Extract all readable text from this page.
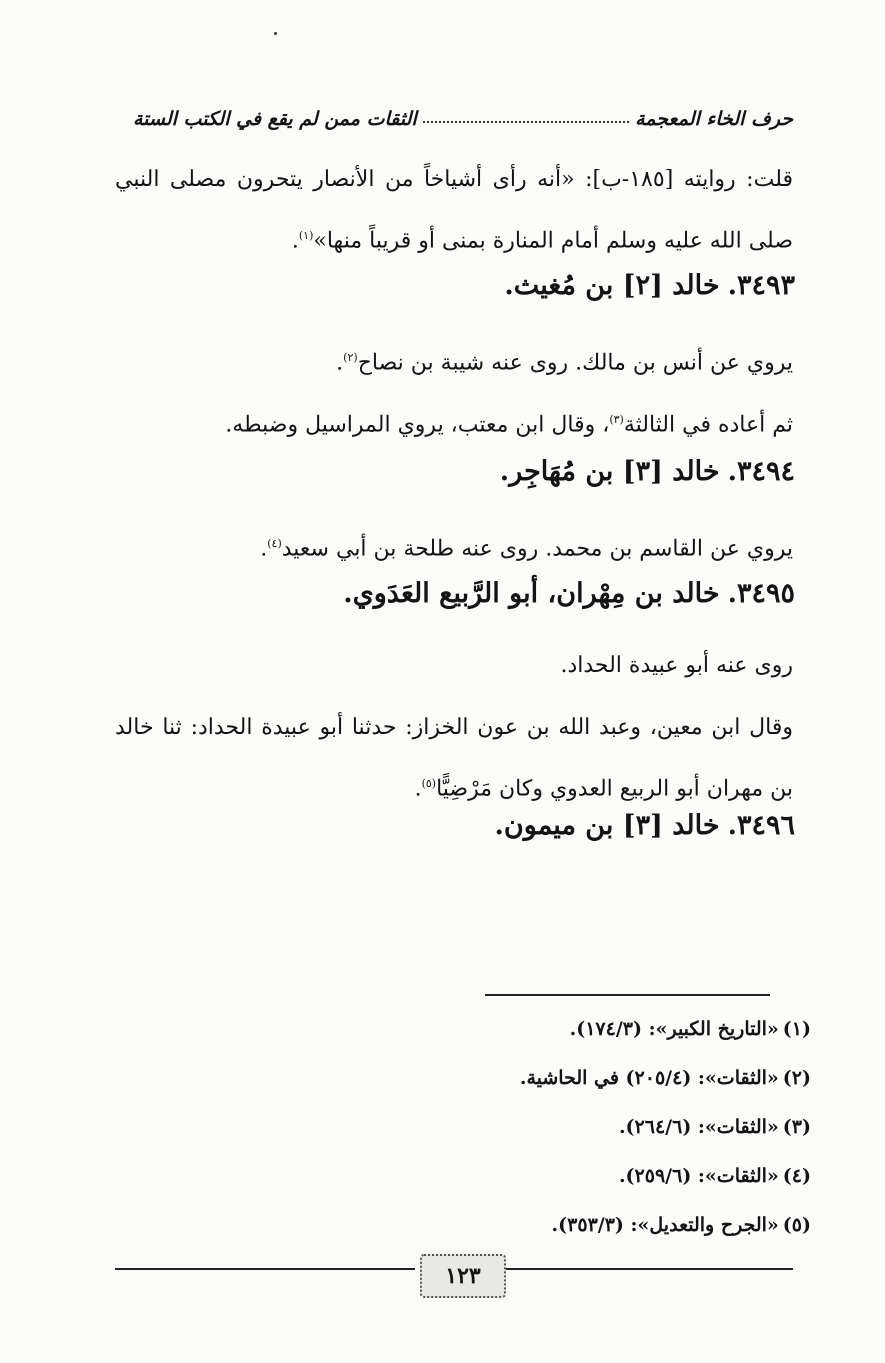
حرف الخاء المعجمة
الثقات ممن لم يقع في الكتب الستة

قلت: روايته [١٨٥-ب]: «أنه رأى أشياخاً من الأنصار يتحرون مصلى النبي صلى الله عليه وسلم أمام المنارة بمنى أو قريباً منها»$^{(١)}$.

٣٤٩٣.خالد [٢] بن مُغيث.

يروي عن أنس بن مالك. روى عنه شيبة بن نصاح$^{(٢)}$.

ثم أعاده في الثالثة$^{(٣)}$، وقال ابن معتب، يروي المراسيل وضبطه.

٣٤٩٤.خالد [٣] بن مُهَاجِر.

يروي عن القاسم بن محمد. روى عنه طلحة بن أبي سعيد$^{(٤)}$.

٣٤٩٥.خالد بن مِهْران، أبو الرَّبيع العَدَوي.

روى عنه أبو عبيدة الحداد.

وقال ابن معين، وعبد الله بن عون الخزاز: حدثنا أبو عبيدة الحداد: ثنا خالد بن مهران أبو الربيع العدوي وكان مَرْضِيًّا$^{(٥)}$.

٣٤٩٦.خالد [٣] بن ميمون.
(١)«التاريخ الكبير»: (١٧٤/٣).
(٢)«الثقات»: (٢٠٥/٤) في الحاشية.
(٣)«الثقات»: (٢٦٤/٦).
(٤)«الثقات»: (٢٥٩/٦).
(٥)«الجرح والتعديل»: (٣٥٣/٣).
١٢٣
